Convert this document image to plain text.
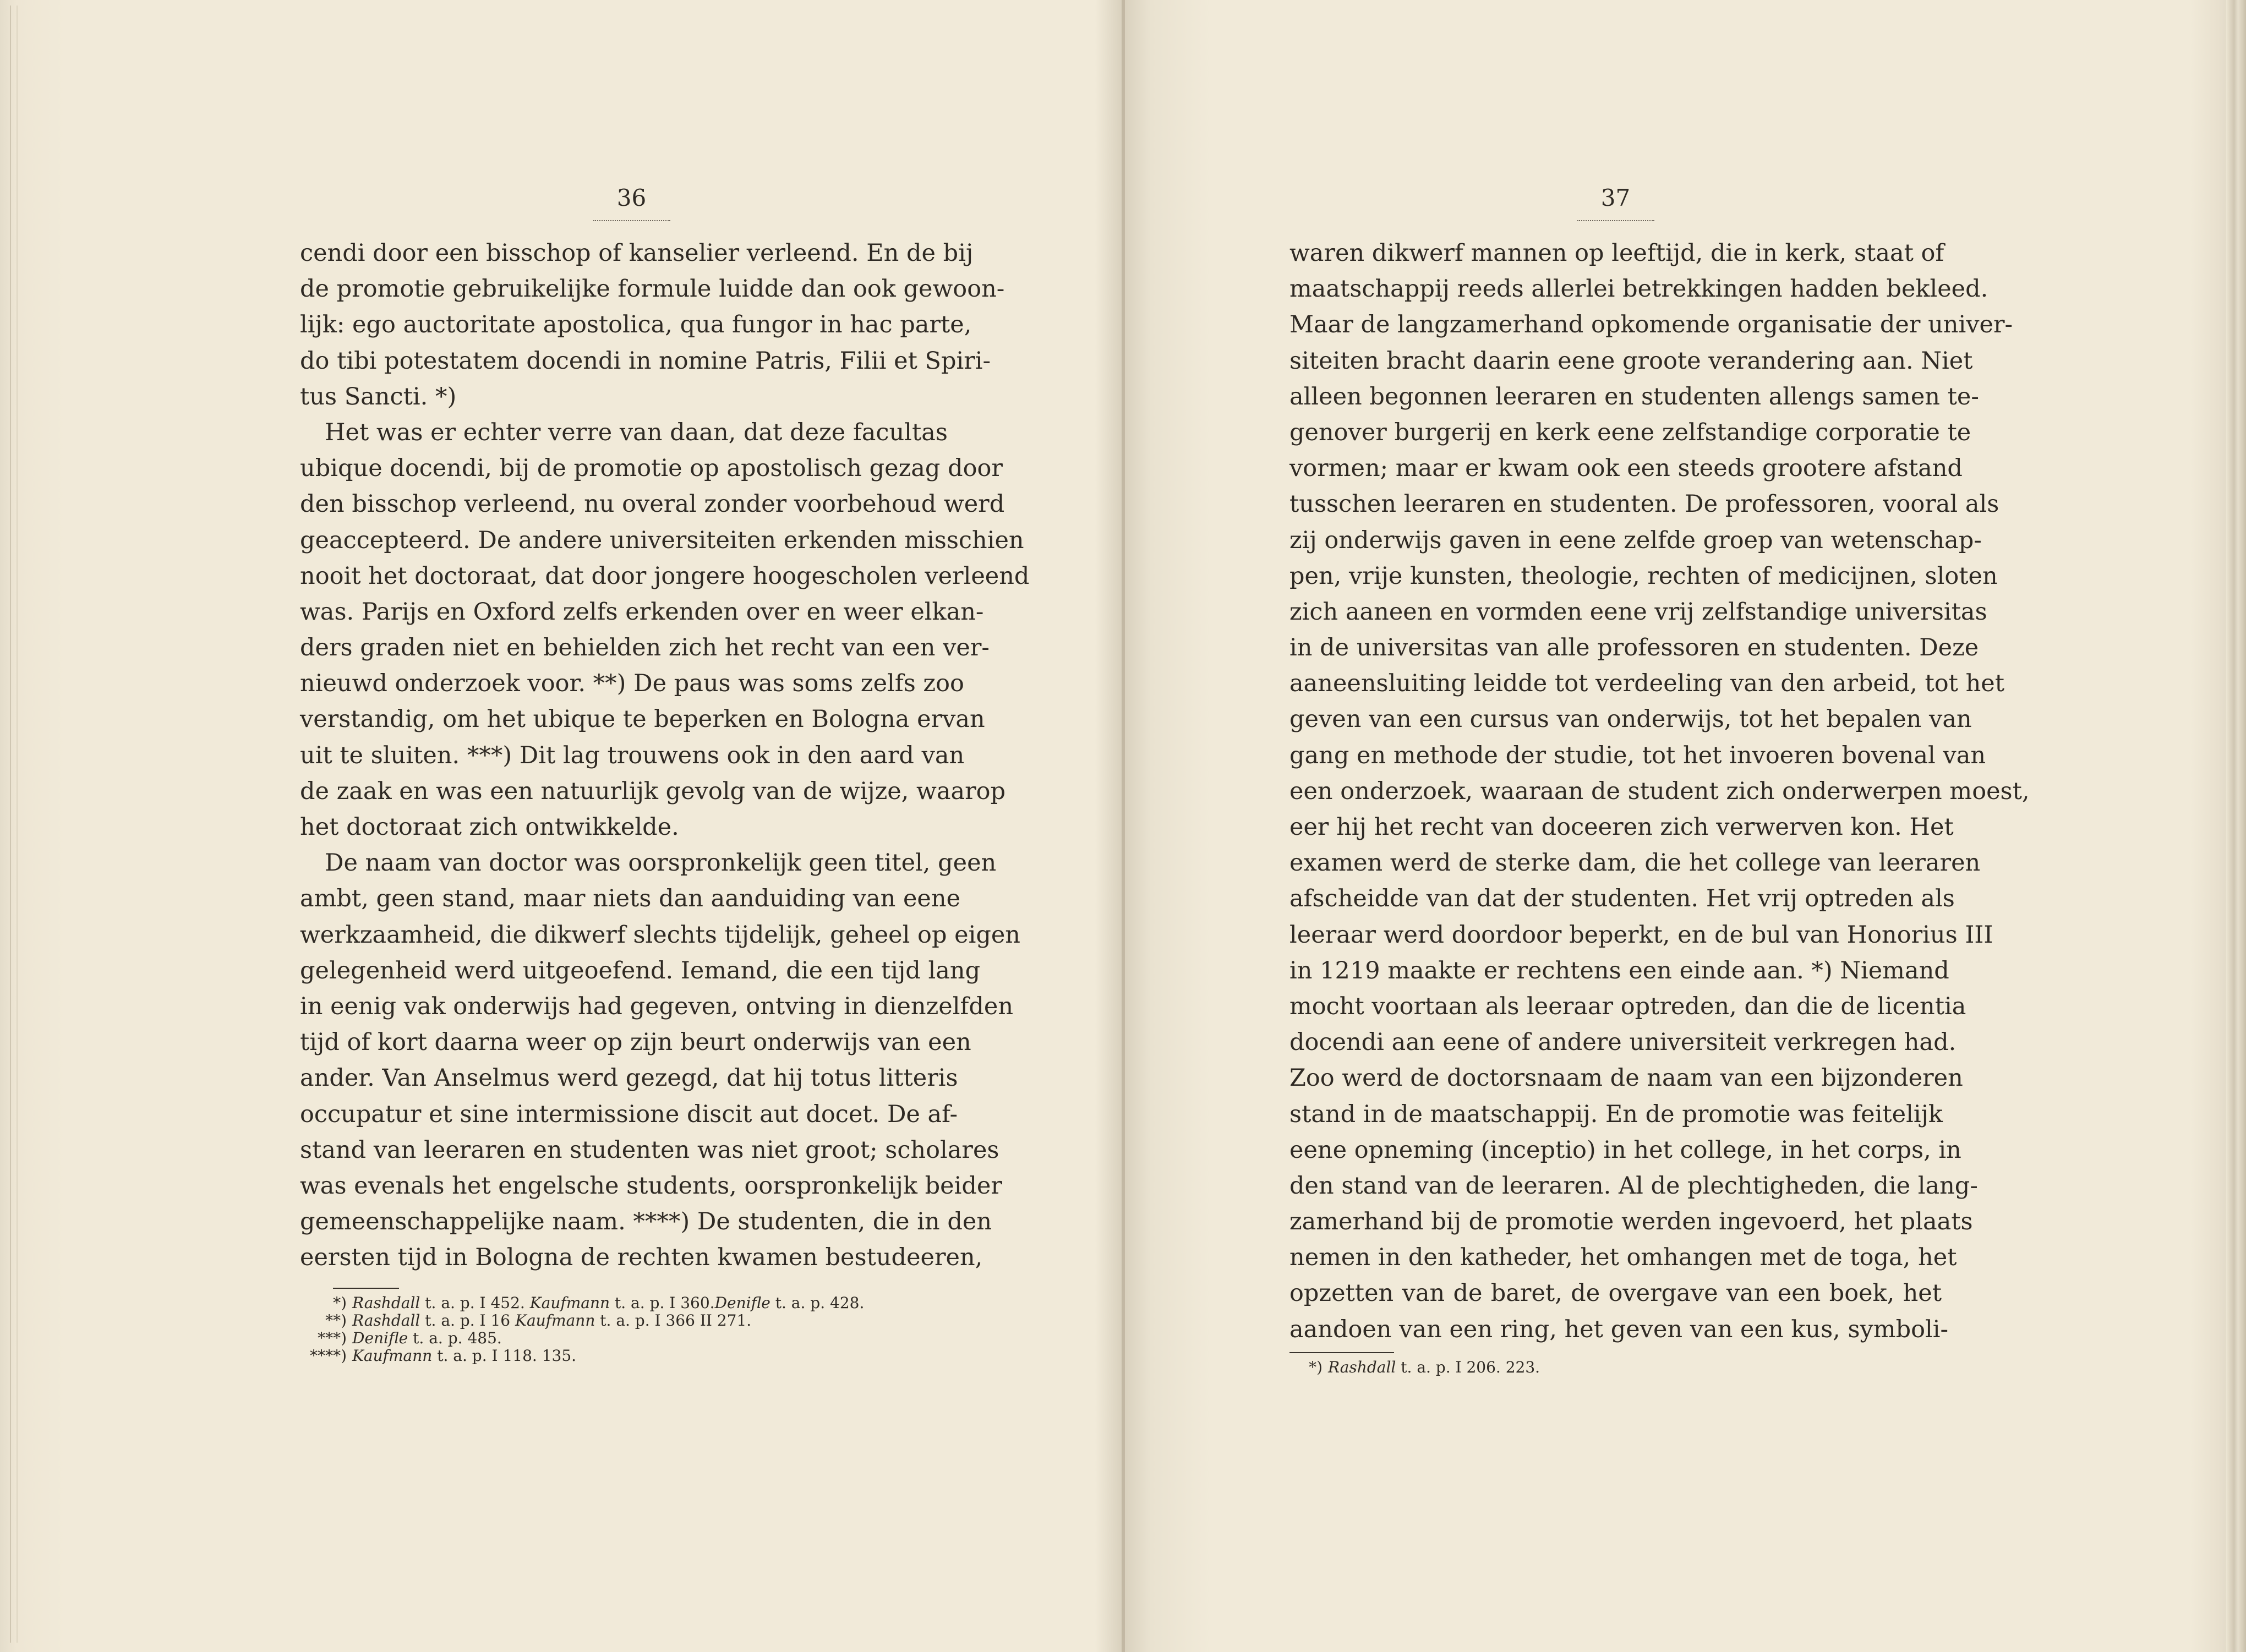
36
cendi door een bisschop of kanselier verleend. En de bij
de promotie gebruikelijke formule luidde dan ook gewoon-
lijk: ego auctoritate apostolica, qua fungor in hac parte,
do tibi potestatem docendi in nomine Patris, Filii et Spiri-
tus Sancti. *)
Het was er echter verre van daan, dat deze facultas
ubique docendi, bij de promotie op apostolisch gezag door
den bisschop verleend, nu overal zonder voorbehoud werd
geaccepteerd. De andere universiteiten erkenden misschien
nooit het doctoraat, dat door jongere hoogescholen verleend
was. Parijs en Oxford zelfs erkenden over en weer elkan-
ders graden niet en behielden zich het recht van een ver-
nieuwd onderzoek voor. **) De paus was soms zelfs zoo
verstandig, om het ubique te beperken en Bologna ervan
uit te sluiten. ***) Dit lag trouwens ook in den aard van
de zaak en was een natuurlijk gevolg van de wijze, waarop
het doctoraat zich ontwikkelde.
De naam van doctor was oorspronkelijk geen titel, geen
ambt, geen stand, maar niets dan aanduiding van eene
werkzaamheid, die dikwerf slechts tijdelijk, geheel op eigen
gelegenheid werd uitgeoefend. Iemand, die een tijd lang
in eenig vak onderwijs had gegeven, ontving in dienzelfden
tijd of kort daarna weer op zijn beurt onderwijs van een
ander. Van Anselmus werd gezegd, dat hij totus litteris
occupatur et sine intermissione discit aut docet. De af-
stand van leeraren en studenten was niet groot; scholares
was evenals het engelsche students, oorspronkelijk beider
gemeenschappelijke naam. ****) De studenten, die in den
eersten tijd in Bologna de rechten kwamen bestudeeren,
*) Rashdall t. a. p. I 452. Kaufmann t. a. p. I 360.Denifle t. a. p. 428.
**) Rashdall t. a. p. I 16 Kaufmann t. a. p. I 366 II 271.
***) Denifle t. a. p. 485.
****) Kaufmann t. a. p. I 118. 135.
37
waren dikwerf mannen op leeftijd, die in kerk, staat of
maatschappij reeds allerlei betrekkingen hadden bekleed.
Maar de langzamerhand opkomende organisatie der univer-
siteiten bracht daarin eene groote verandering aan. Niet
alleen begonnen leeraren en studenten allengs samen te-
genover burgerij en kerk eene zelfstandige corporatie te
vormen; maar er kwam ook een steeds grootere afstand
tusschen leeraren en studenten. De professoren, vooral als
zij onderwijs gaven in eene zelfde groep van wetenschap-
pen, vrije kunsten, theologie, rechten of medicijnen, sloten
zich aaneen en vormden eene vrij zelfstandige universitas
in de universitas van alle professoren en studenten. Deze
aaneensluiting leidde tot verdeeling van den arbeid, tot het
geven van een cursus van onderwijs, tot het bepalen van
gang en methode der studie, tot het invoeren bovenal van
een onderzoek, waaraan de student zich onderwerpen moest,
eer hij het recht van doceeren zich verwerven kon. Het
examen werd de sterke dam, die het college van leeraren
afscheidde van dat der studenten. Het vrij optreden als
leeraar werd doordoor beperkt, en de bul van Honorius III
in 1219 maakte er rechtens een einde aan. *) Niemand
mocht voortaan als leeraar optreden, dan die de licentia
docendi aan eene of andere universiteit verkregen had.
Zoo werd de doctorsnaam de naam van een bijzonderen
stand in de maatschappij. En de promotie was feitelijk
eene opneming (inceptio) in het college, in het corps, in
den stand van de leeraren. Al de plechtigheden, die lang-
zamerhand bij de promotie werden ingevoerd, het plaats
nemen in den katheder, het omhangen met de toga, het
opzetten van de baret, de overgave van een boek, het
aandoen van een ring, het geven van een kus, symboli-
*) Rashdall t. a. p. I 206. 223.
